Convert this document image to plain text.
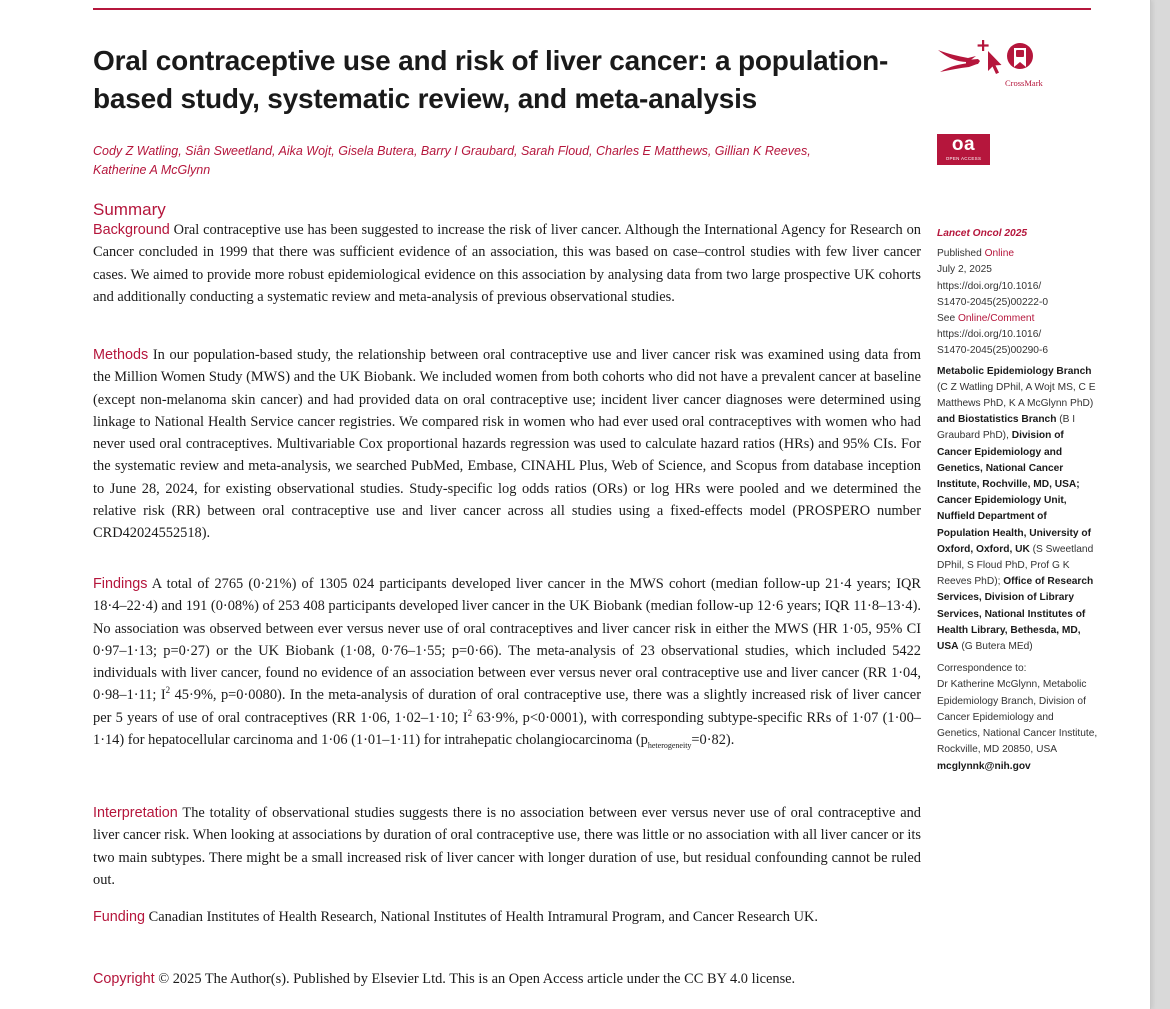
Oral contraceptive use and risk of liver cancer: a population-based study, systematic review, and meta-analysis
Cody Z Watling, Siân Sweetland, Aika Wojt, Gisela Butera, Barry I Graubard, Sarah Floud, Charles E Matthews, Gillian K Reeves, Katherine A McGlynn
CrossMark
oa
OPEN ACCESS
Summary

Background Oral contraceptive use has been suggested to increase the risk of liver cancer. Although the International Agency for Research on Cancer concluded in 1999 that there was sufficient evidence of an association, this was based on case–control studies with few liver cancer cases. We aimed to provide more robust epidemiological evidence on this association by analysing data from two large prospective UK cohorts and additionally conducting a systematic review and meta-analysis of previous observational studies.

Methods In our population-based study, the relationship between oral contraceptive use and liver cancer risk was examined using data from the Million Women Study (MWS) and the UK Biobank. We included women from both cohorts who did not have a prevalent cancer at baseline (except non-melanoma skin cancer) and had provided data on oral contraceptive use; incident liver cancer diagnoses were determined using linkage to National Health Service cancer registries. We compared risk in women who had ever used oral contraceptives with women who had never used oral contraceptives. Multivariable Cox proportional hazards regression was used to calculate hazard ratios (HRs) and 95% CIs. For the systematic review and meta-analysis, we searched PubMed, Embase, CINAHL Plus, Web of Science, and Scopus from database inception to June 28, 2024, for existing observational studies. Study-specific log odds ratios (ORs) or log HRs were pooled and we determined the relative risk (RR) between oral contraceptive use and liver cancer across all studies using a fixed-effects model (PROSPERO number CRD42024552518).

Findings A total of 2765 (0·21%) of 1305 024 participants developed liver cancer in the MWS cohort (median follow-up 21·4 years; IQR 18·4–22·4) and 191 (0·08%) of 253 408 participants developed liver cancer in the UK Biobank (median follow-up 12·6 years; IQR 11·8–13·4). No association was observed between ever versus never use of oral contraceptives and liver cancer risk in either the MWS (HR 1·05, 95% CI 0·97–1·13; p=0·27) or the UK Biobank (1·08, 0·76–1·55; p=0·66). The meta-analysis of 23 observational studies, which included 5422 individuals with liver cancer, found no evidence of an association between ever versus never oral contraceptive use and liver cancer (RR 1·04, 0·98–1·11; $I^2$ 45·9%, p=0·0080). In the meta-analysis of duration of oral contraceptive use, there was a slightly increased risk of liver cancer per 5 years of use of oral contraceptives (RR 1·06, 1·02–1·10; $I^2$ 63·9%, p<0·0001), with corresponding subtype-specific RRs of 1·07 (1·00–1·14) for hepatocellular carcinoma and 1·06 (1·01–1·11) for intrahepatic cholangiocarcinoma $(p_{heterogeneity}=0\cdot 82)$.

Interpretation The totality of observational studies suggests there is no association between ever versus never use of oral contraceptive and liver cancer risk. When looking at associations by duration of oral contraceptive use, there was little or no association with all liver cancer or its two main subtypes. There might be a small increased risk of liver cancer with longer duration of use, but residual confounding cannot be ruled out.

Funding Canadian Institutes of Health Research, National Institutes of Health Intramural Program, and Cancer Research UK.

Copyright © 2025 The Author(s). Published by Elsevier Ltd. This is an Open Access article under the CC BY 4.0 license.

Lancet Oncol 2025
Published Online
July 2, 2025
https://doi.org/10.1016/
S1470-2045(25)00222-0
See Online/Comment
https://doi.org/10.1016/
S1470-2045(25)00290-6
Metabolic Epidemiology Branch (C Z Watling DPhil, A Wojt MS, C E Matthews PhD, K A McGlynn PhD) and Biostatistics Branch (B I Graubard PhD), Division of Cancer Epidemiology and Genetics, National Cancer Institute, Rochville, MD, USA; Cancer Epidemiology Unit, Nuffield Department of Population Health, University of Oxford, Oxford, UK (S Sweetland DPhil, S Floud PhD, Prof G K Reeves PhD); Office of Research Services, Division of Library Services, National Institutes of Health Library, Bethesda, MD, USA (G Butera MEd)
Correspondence to:
Dr Katherine McGlynn, Metabolic Epidemiology Branch, Division of Cancer Epidemiology and Genetics, National Cancer Institute, Rockville, MD 20850, USA
mcglynnk@nih.gov
